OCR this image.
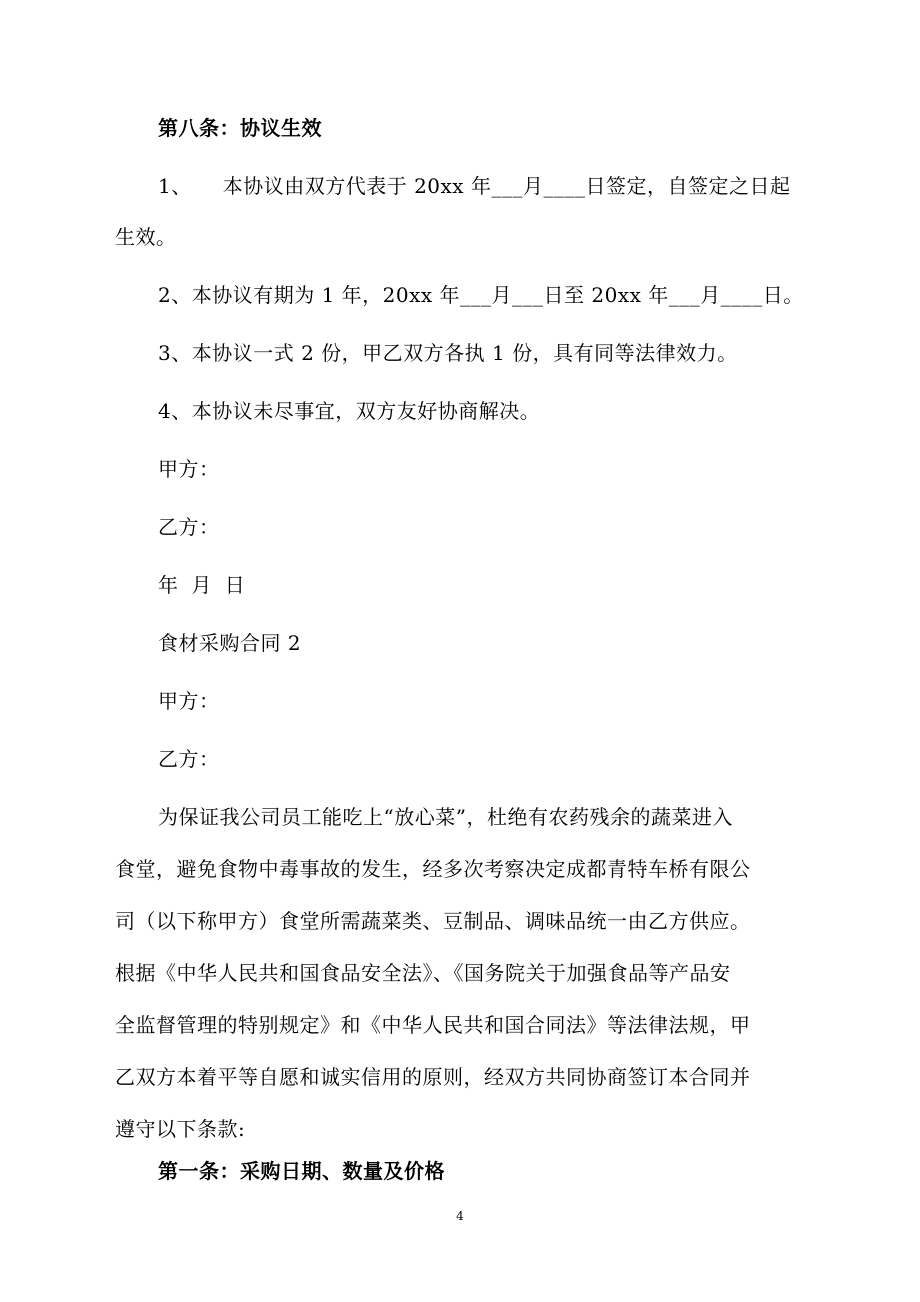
第八条：协议生效
1、　　本协议由双方代表于 20xx 年___月____日签定，自签定之日起
生效。
2、本协议有期为 1 年，20xx 年___月___日至 20xx 年___月____日。
3、本协议一式 2 份，甲乙双方各执 1 份，具有同等法律效力。
4、本协议未尽事宜，双方友好协商解决。
甲方：
乙方：
年 月 日
食材采购合同 2
甲方：
乙方：
为保证我公司员工能吃上“放心菜”，杜绝有农药残余的蔬菜进入
食堂，避免食物中毒事故的发生，经多次考察决定成都青特车桥有限公
司（以下称甲方）食堂所需蔬菜类、豆制品、调味品统一由乙方供应。
根据《中华人民共和国食品安全法》、《国务院关于加强食品等产品安
全监督管理的特别规定》和《中华人民共和国合同法》等法律法规，甲
乙双方本着平等自愿和诚实信用的原则，经双方共同协商签订本合同并
遵守以下条款:
第一条：采购日期、数量及价格
4
